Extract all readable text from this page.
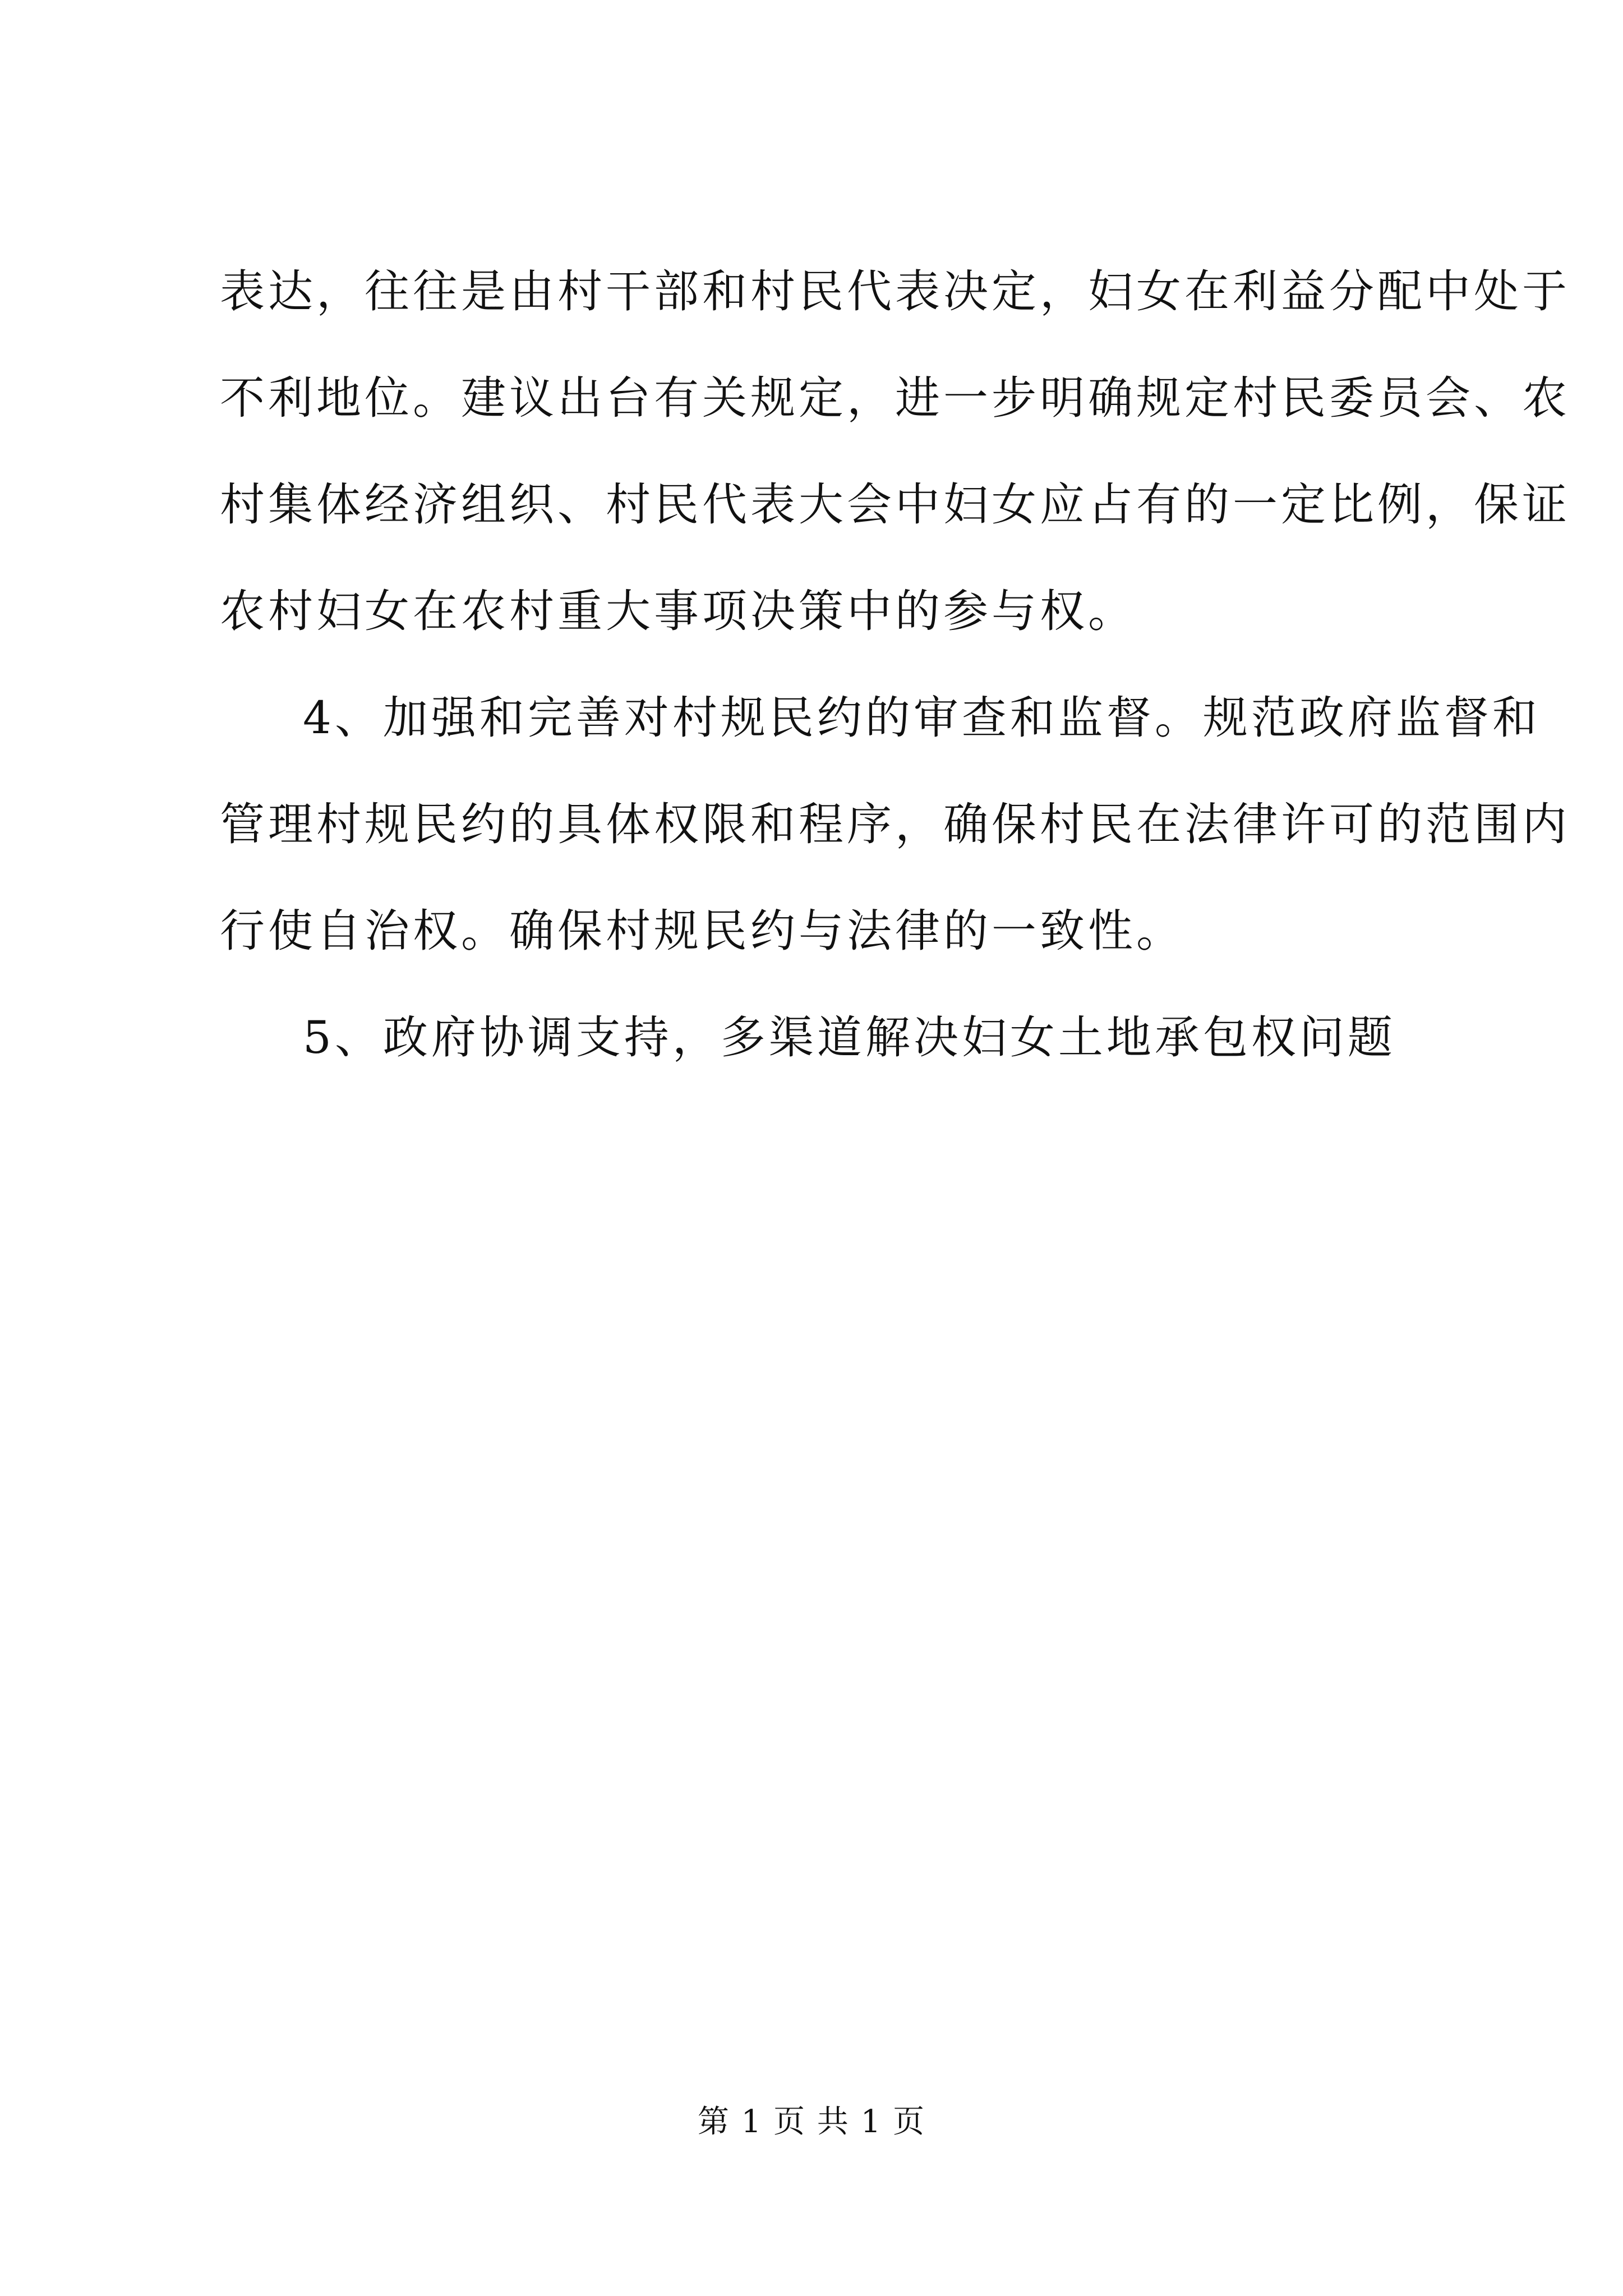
表达，往往是由村干部和村民代表决定，妇女在利益分配中处于
不利地位。建议出台有关规定，进一步明确规定村民委员会、农
村集体经济组织、村民代表大会中妇女应占有的一定比例，保证
农村妇女在农村重大事项决策中的参与权。
4、加强和完善对村规民约的审查和监督。规范政府监督和
管理村规民约的具体权限和程序，确保村民在法律许可的范围内
行使自治权。确保村规民约与法律的一致性。
5、政府协调支持，多渠道解决妇女土地承包权问题
第 1 页 共 1 页
